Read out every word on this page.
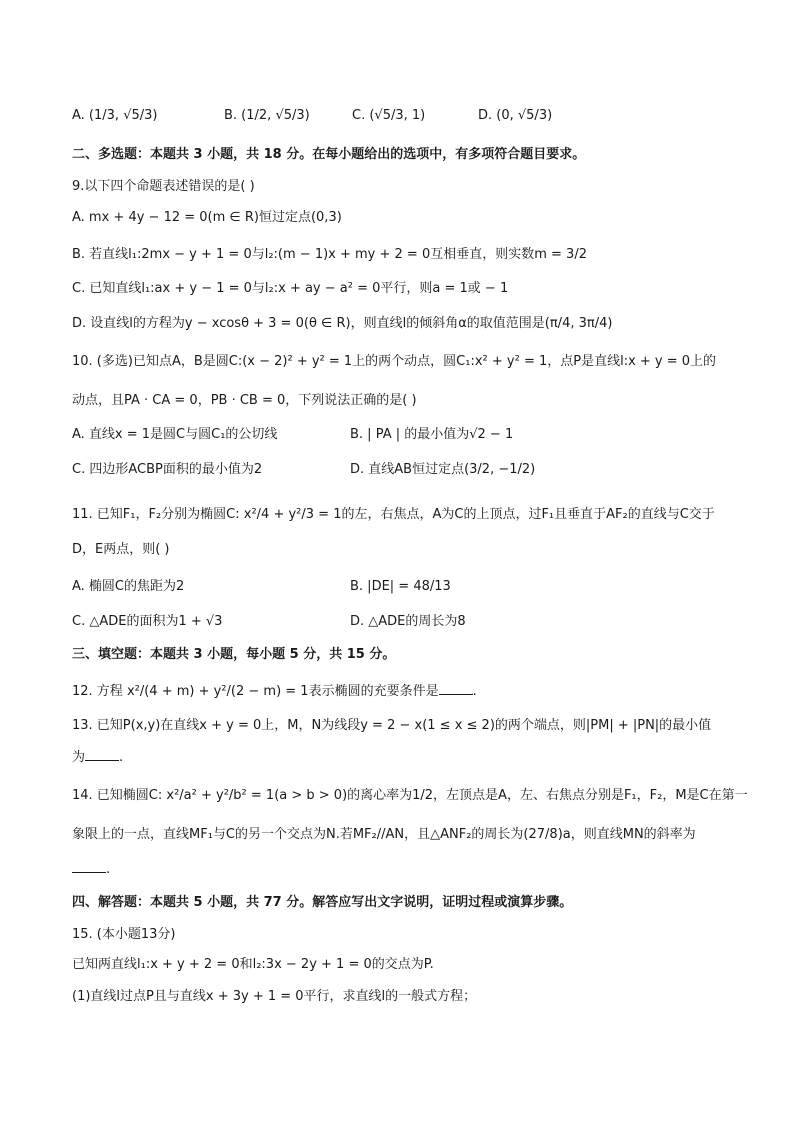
A. (1/3, √5/3)	B. (1/2, √5/3)	C. (√5/3, 1)	D. (0, √5/3)
二、多选题：本题共 3 小题，共 18 分。在每小题给出的选项中，有多项符合题目要求。
9.以下四个命题表述错误的是( )
A. mx + 4y − 12 = 0(m ∈ R)恒过定点(0,3)
B. 若直线l₁:2mx − y + 1 = 0与l₂:(m − 1)x + my + 2 = 0互相垂直，则实数m = 3/2
C. 已知直线l₁:ax + y − 1 = 0与l₂:x + ay − a² = 0平行，则a = 1或 − 1
D. 设直线l的方程为y − xcosθ + 3 = 0(θ ∈ R)，则直线l的倾斜角α的取值范围是(π/4, 3π/4)
10. (多选)已知点A，B是圆C:(x − 2)² + y² = 1上的两个动点，圆C₁:x² + y² = 1，点P是直线l:x + y = 0上的
动点，且PA · CA = 0，PB · CB = 0，下列说法正确的是( )
A. 直线x = 1是圆C与圆C₁的公切线	B. | PA | 的最小值为√2 − 1
C. 四边形ACBP面积的最小值为2	D. 直线AB恒过定点(3/2, −1/2)
11. 已知F₁，F₂分别为椭圆C: x²/4 + y²/3 = 1的左，右焦点，A为C的上顶点，过F₁且垂直于AF₂的直线与C交于
D，E两点，则( )
A. 椭圆C的焦距为2	B. |DE| = 48/13
C. △ADE的面积为1 + √3	D. △ADE的周长为8
三、填空题：本题共 3 小题，每小题 5 分，共 15 分。
12. 方程 x²/(4 + m) + y²/(2 − m) = 1表示椭圆的充要条件是	.
13. 已知P(x,y)在直线x + y = 0上，M，N为线段y = 2 − x(1 ≤ x ≤ 2)的两个端点，则|PM| + |PN|的最小值
为	.
14. 已知椭圆C: x²/a² + y²/b² = 1(a > b > 0)的离心率为1/2，左顶点是A，左、右焦点分别是F₁，F₂，M是C在第一
象限上的一点，直线MF₁与C的另一个交点为N.若MF₂//AN，且△ANF₂的周长为(27/8)a，则直线MN的斜率为
.
四、解答题：本题共 5 小题，共 77 分。解答应写出文字说明，证明过程或演算步骤。
15. (本小题13分)
已知两直线l₁:x + y + 2 = 0和l₂:3x − 2y + 1 = 0的交点为P.
(1)直线l过点P且与直线x + 3y + 1 = 0平行，求直线l的一般式方程；
